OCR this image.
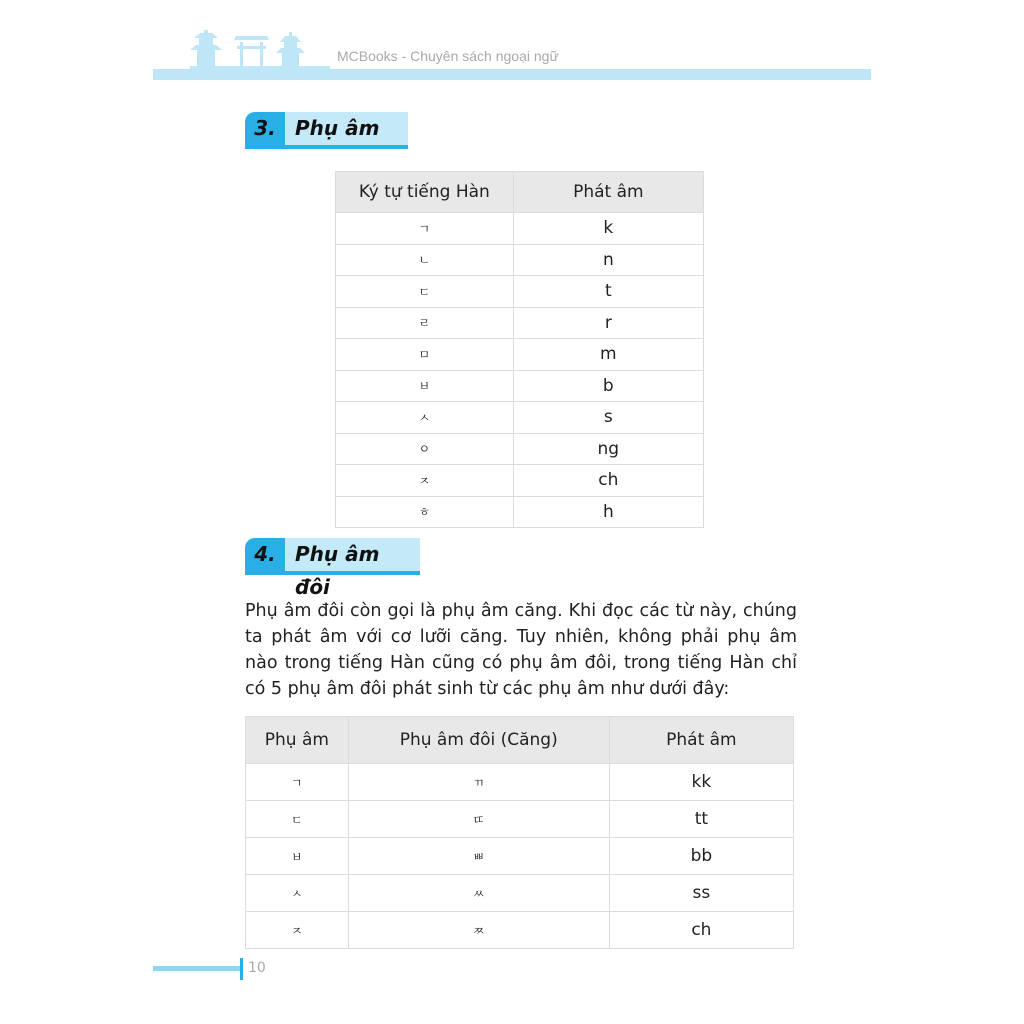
MCBooks - Chuyên sách ngoại ngữ
3. Phụ âm
Ký tự tiếng Hàn	Phát âm
ㄱ	k
ㄴ	n
ㄷ	t
ㄹ	r
ㅁ	m
ㅂ	b
ㅅ	s
ㅇ	ng
ㅈ	ch
ㅎ	h
4. Phụ âm đôi
Phụ âm đôi còn gọi là phụ âm căng. Khi đọc các từ này, chúng ta phát âm với cơ lưỡi căng. Tuy nhiên, không phải phụ âm nào trong tiếng Hàn cũng có phụ âm đôi, trong tiếng Hàn chỉ có 5 phụ âm đôi phát sinh từ các phụ âm như dưới đây:
Phụ âm	Phụ âm đôi (Căng)	Phát âm
ㄱ	ㄲ	kk
ㄷ	ㄸ	tt
ㅂ	ㅃ	bb
ㅅ	ㅆ	ss
ㅈ	ㅉ	ch
10
